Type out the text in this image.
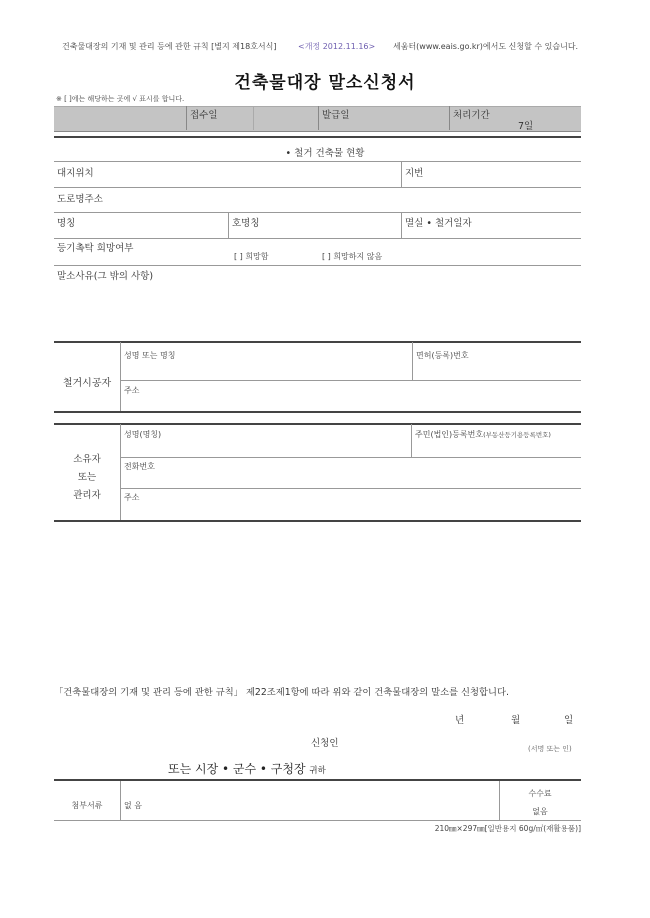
건축물대장의 기재 및 관리 등에 관한 규칙 [별지 제18호서식]	<개정 2012.11.16> 세움터(www.eais.go.kr)에서도 신청할 수 있습니다.
건축물대장 말소신청서
※ [ ]에는 해당하는 곳에 √ 표시를 합니다.
접수일	발급일	처리기간
7일
• 철거 건축물 현황
대지위치	지번
도로명주소
명칭	호명칭	멸실 • 철거일자
등기촉탁 희망여부
[ ] 희망함	[ ] 희망하지 않음
말소사유(그 밖의 사항)
철거시공자
성명 또는 명칭	면허(등록)번호
주소
소유자
또는
관리자
성명(명칭)	주민(법인)등록번호(부동산등기용등록번호)
전화번호
주소
「건축물대장의 기재 및 관리 등에 관한 규칙」 제22조제1항에 따라 위와 같이 건축물대장의 말소를 신청합니다.
년	월	일
신청인	(서명 또는 인)
또는 시장 • 군수 • 구청장 귀하
첨부서류	없 음
수수료
없음
210㎜×297㎜[일반용지 60g/㎡(재활용품)]
